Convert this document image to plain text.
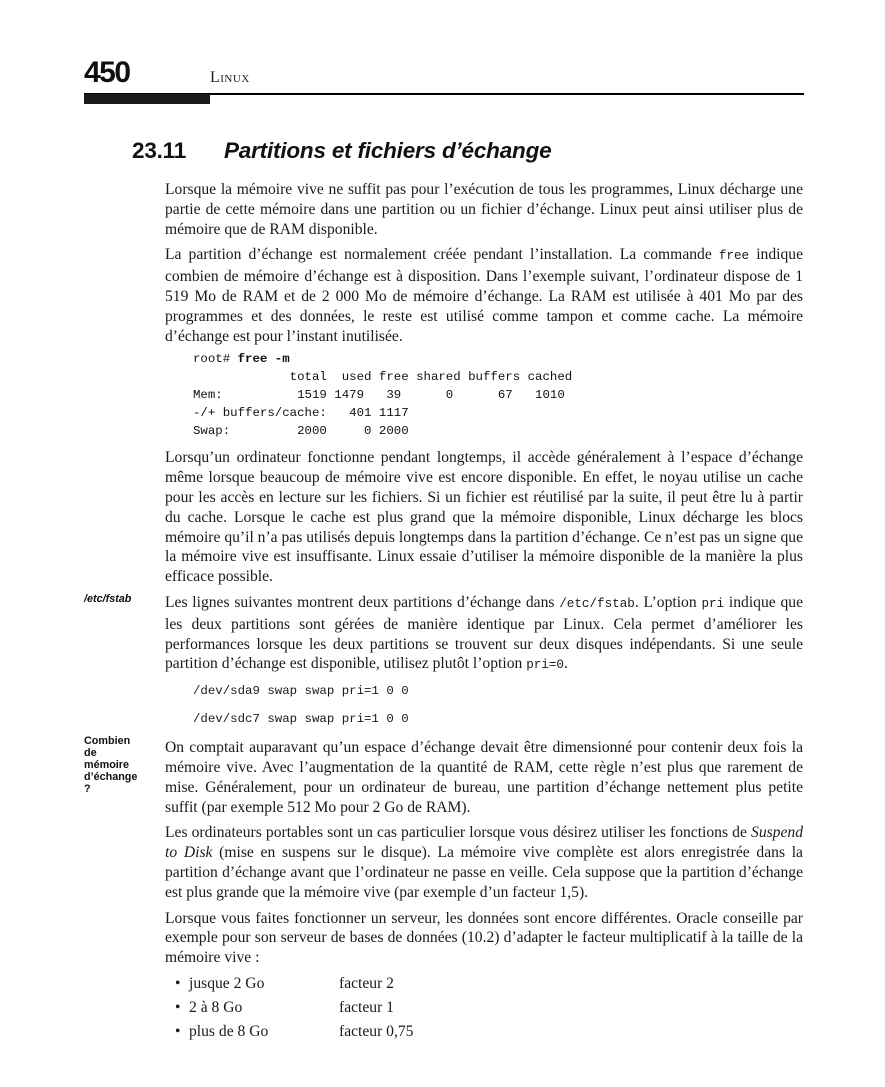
450	Linux
23.11 Partitions et fichiers d’échange
/etc/fstab
Combien de mémoire d’échange ?

Lorsque la mémoire vive ne suffit pas pour l’exécution de tous les programmes, Linux décharge une partie de cette mémoire dans une partition ou un fichier d’échange. Linux peut ainsi utiliser plus de mémoire que de RAM disponible.

La partition d’échange est normalement créée pendant l’installation. La commande free indique combien de mémoire d’échange est à disposition. Dans l’exemple suivant, l’ordinateur dispose de 1 519 Mo de RAM et de 2 000 Mo de mémoire d’échange. La RAM est utilisée à 401 Mo par des programmes et des données, le reste est utilisé comme tampon et comme cache. La mémoire d’échange est pour l’instant inutilisée.

root# free -m
total  used free shared buffers cached
Mem:          1519 1479   39      0      67   1010
-/+ buffers/cache:   401 1117
Swap:         2000     0 2000

Lorsqu’un ordinateur fonctionne pendant longtemps, il accède généralement à l’espace d’échange même lorsque beaucoup de mémoire vive est encore disponible. En effet, le noyau utilise un cache pour les accès en lecture sur les fichiers. Si un fichier est réutilisé par la suite, il peut être lu à partir du cache. Lorsque le cache est plus grand que la mémoire disponible, Linux décharge les blocs mémoire qu’il n’a pas utilisés depuis longtemps dans la partition d’échange. Ce n’est pas un signe que la mémoire vive est insuffisante. Linux essaie d’utiliser la mémoire disponible de la manière la plus efficace possible.

Les lignes suivantes montrent deux partitions d’échange dans /etc/fstab. L’option pri indique que les deux partitions sont gérées de manière identique par Linux. Cela permet d’améliorer les performances lorsque les deux partitions se trouvent sur deux disques indépendants. Si une seule partition d’échange est disponible, utilisez plutôt l’option pri=0.

/dev/sda9 swap swap pri=1 0 0
/dev/sdc7 swap swap pri=1 0 0

On comptait auparavant qu’un espace d’échange devait être dimensionné pour contenir deux fois la mémoire vive. Avec l’augmentation de la quantité de RAM, cette règle n’est plus que rarement de mise. Généralement, pour un ordinateur de bureau, une partition d’échange nettement plus petite suffit (par exemple 512 Mo pour 2 Go de RAM).

Les ordinateurs portables sont un cas particulier lorsque vous désirez utiliser les fonctions de Suspend to Disk (mise en suspens sur le disque). La mémoire vive complète est alors enregistrée dans la partition d’échange avant que l’ordinateur ne passe en veille. Cela suppose que la partition d’échange est plus grande que la mémoire vive (par exemple d’un facteur 1,5).

Lorsque vous faites fonctionner un serveur, les données sont encore différentes. Oracle conseille par exemple pour son serveur de bases de données (10.2) d’adapter le facteur multiplicatif à la taille de la mémoire vive :

• jusque 2 Go	facteur 2
• 2 à 8 Go	facteur 1
• plus de 8 Go	facteur 0,75
